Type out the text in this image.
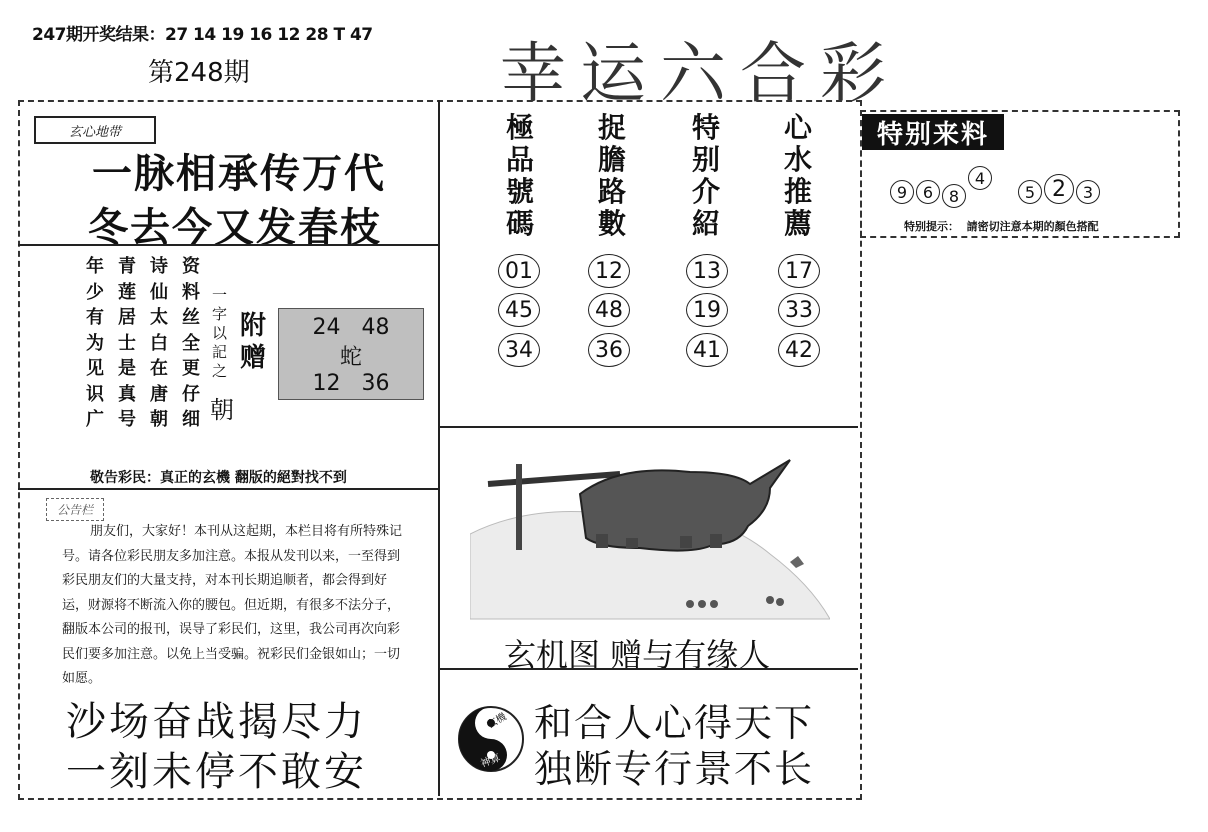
247期开奖结果：27 14 19 16 12 28 T 47
第248期	幸运六合彩
玄心地带
一脉相承传万代
冬去今又发春枝
年
少
有
为
见
识
广
青
莲
居
士
是
真
号
诗
仙
太
白
在
唐
朝
资
料
丝
全
更
仔
细
一字以記之
朝
附赠
24   48
蛇
12   36
敬告彩民：真正的玄機 翻版的絕對找不到
公告栏
朋友们，大家好！本刊从这起期，本栏目将有所特殊记号。请各位彩民朋友多加注意。本报从发刊以来，一至得到彩民朋友们的大量支持，对本刊长期追顺者，都会得到好运，财源将不断流入你的腰包。但近期，有很多不法分子，翻版本公司的报刊，误导了彩民们，这里，我公司再次向彩民们要多加注意。以免上当受骗。祝彩民们金银如山；一切如愿。
沙场奋战揭尽力
一刻未停不敢安
極
品
號
碼
捉
膽
路
數
特
别
介
紹
心
水
推
薦
01
45
34
12
48
36
13
19
41
17
33
42
玄机图 赠与有缘人
玄機
神算
和合人心得天下
独断专行景不长
特别来料
9 6 8
4
5 2	3
特别提示：  請密切注意本期的顏色搭配
